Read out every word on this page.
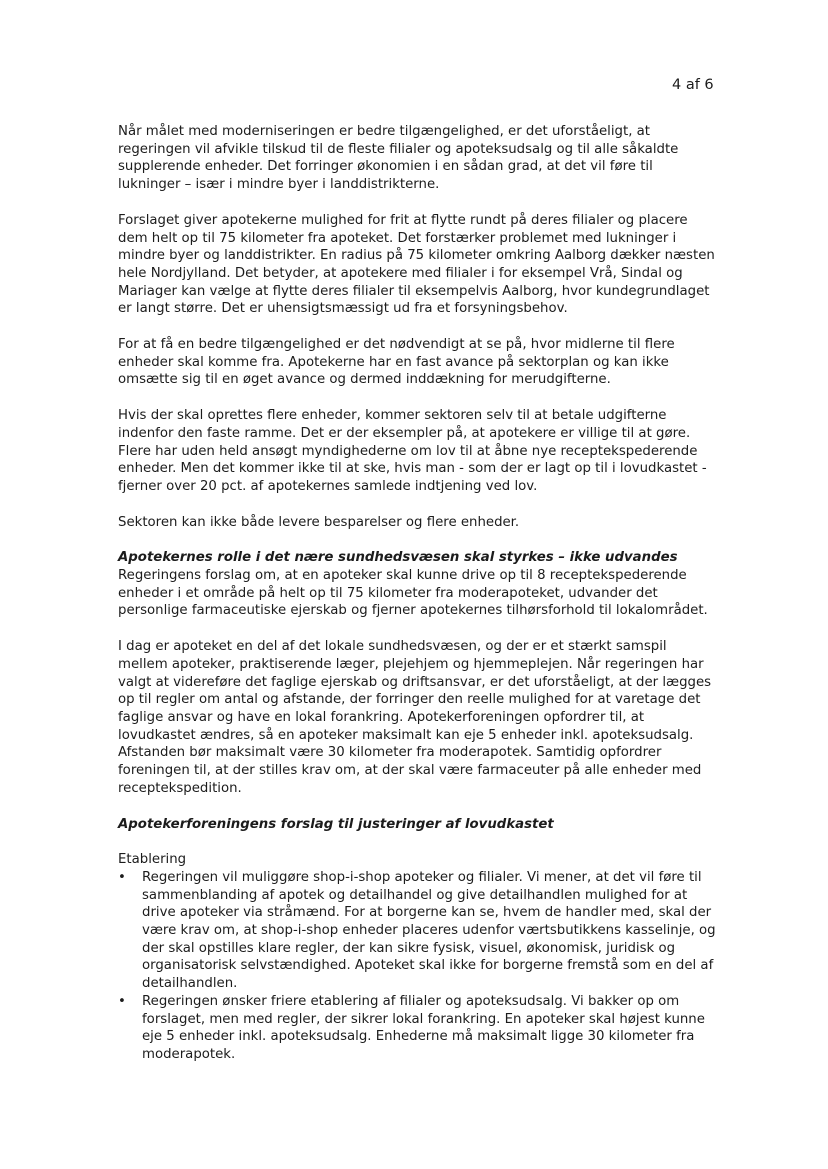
4 af 6

Når målet med moderniseringen er bedre tilgængelighed, er det uforståeligt, at regeringen vil afvikle tilskud til de fleste filialer og apoteksudsalg og til alle såkaldte supplerende enheder. Det forringer økonomien i en sådan grad, at det vil føre til lukninger – især i mindre byer i landdistrikterne.

Forslaget giver apotekerne mulighed for frit at flytte rundt på deres filialer og placere dem helt op til 75 kilometer fra apoteket. Det forstærker problemet med lukninger i mindre byer og landdistrikter. En radius på 75 kilometer omkring Aalborg dækker næsten hele Nordjylland. Det betyder, at apotekere med filialer i for eksempel Vrå, Sindal og Mariager kan vælge at flytte deres filialer til eksempelvis Aalborg, hvor kundegrundlaget er langt større. Det er uhensigtsmæssigt ud fra et forsyningsbehov.

For at få en bedre tilgængelighed er det nødvendigt at se på, hvor midlerne til flere enheder skal komme fra. Apotekerne har en fast avance på sektorplan og kan ikke omsætte sig til en øget avance og dermed inddækning for merudgifterne.

Hvis der skal oprettes flere enheder, kommer sektoren selv til at betale udgifterne indenfor den faste ramme. Det er der eksempler på, at apotekere er villige til at gøre. Flere har uden held ansøgt myndighederne om lov til at åbne nye receptekspederende enheder. Men det kommer ikke til at ske, hvis man - som der er lagt op til i lovudkastet - fjerner over 20 pct. af apotekernes samlede indtjening ved lov.

Sektoren kan ikke både levere besparelser og flere enheder.

Apotekernes rolle i det nære sundhedsvæsen skal styrkes – ikke udvandes

Regeringens forslag om, at en apoteker skal kunne drive op til 8 receptekspederende enheder i et område på helt op til 75 kilometer fra moderapoteket, udvander det personlige farmaceutiske ejerskab og fjerner apotekernes tilhørsforhold til lokalområdet.

I dag er apoteket en del af det lokale sundhedsvæsen, og der er et stærkt samspil mellem apoteker, praktiserende læger, plejehjem og hjemmeplejen. Når regeringen har valgt at videreføre det faglige ejerskab og driftsansvar, er det uforståeligt, at der lægges op til regler om antal og afstande, der forringer den reelle mulighed for at varetage det faglige ansvar og have en lokal forankring. Apotekerforeningen opfordrer til, at lovudkastet ændres, så en apoteker maksimalt kan eje 5 enheder inkl. apoteksudsalg. Afstanden bør maksimalt være 30 kilometer fra moderapotek. Samtidig opfordrer foreningen til, at der stilles krav om, at der skal være farmaceuter på alle enheder med receptekspedition.

Apotekerforeningens forslag til justeringer af lovudkastet

Etablering

• Regeringen vil muliggøre shop-i-shop apoteker og filialer. Vi mener, at det vil føre til sammenblanding af apotek og detailhandel og give detailhandlen mulighed for at drive apoteker via stråmænd. For at borgerne kan se, hvem de handler med, skal der være krav om, at shop-i-shop enheder placeres udenfor værtsbutikkens kasselinje, og der skal opstilles klare regler, der kan sikre fysisk, visuel, økonomisk, juridisk og organisatorisk selvstændighed. Apoteket skal ikke for borgerne fremstå som en del af detailhandlen.
• Regeringen ønsker friere etablering af filialer og apoteksudsalg. Vi bakker op om forslaget, men med regler, der sikrer lokal forankring. En apoteker skal højest kunne eje 5 enheder inkl. apoteksudsalg. Enhederne må maksimalt ligge 30 kilometer fra moderapotek.
